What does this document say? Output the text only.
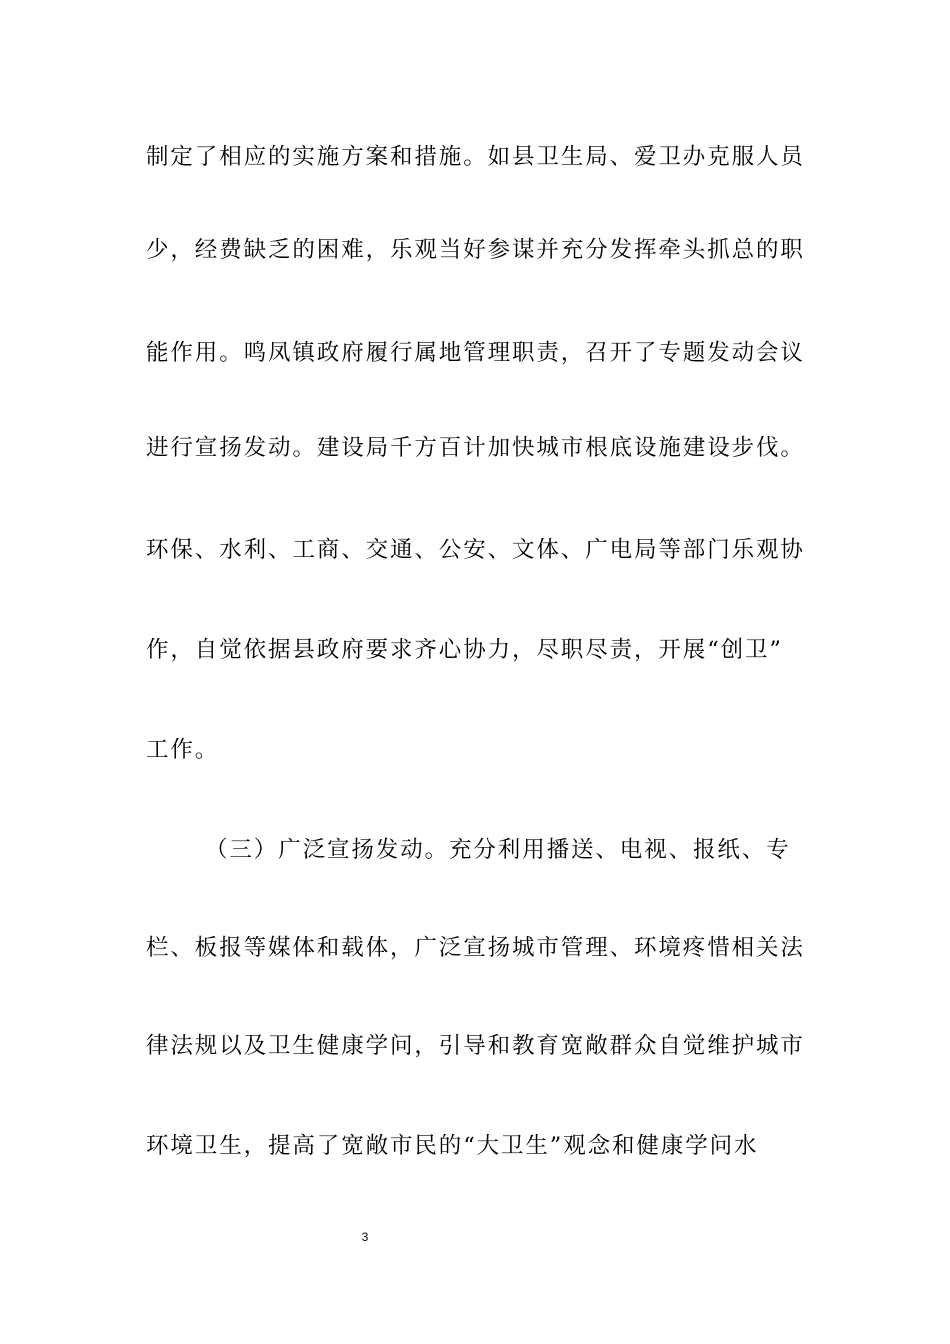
制定了相应的实施方案和措施。如县卫生局、爱卫办克服人员
少，经费缺乏的困难，乐观当好参谋并充分发挥牵头抓总的职
能作用。鸣凤镇政府履行属地管理职责，召开了专题发动会议
进行宣扬发动。建设局千方百计加快城市根底设施建设步伐。
环保、水利、工商、交通、公安、文体、广电局等部门乐观协
作，自觉依据县政府要求齐心协力，尽职尽责，开展“创卫”
工作。
（三）广泛宣扬发动。充分利用播送、电视、报纸、专
栏、板报等媒体和载体，广泛宣扬城市管理、环境疼惜相关法
律法规以及卫生健康学问，引导和教育宽敞群众自觉维护城市
环境卫生，提高了宽敞市民的“大卫生”观念和健康学问水
3
